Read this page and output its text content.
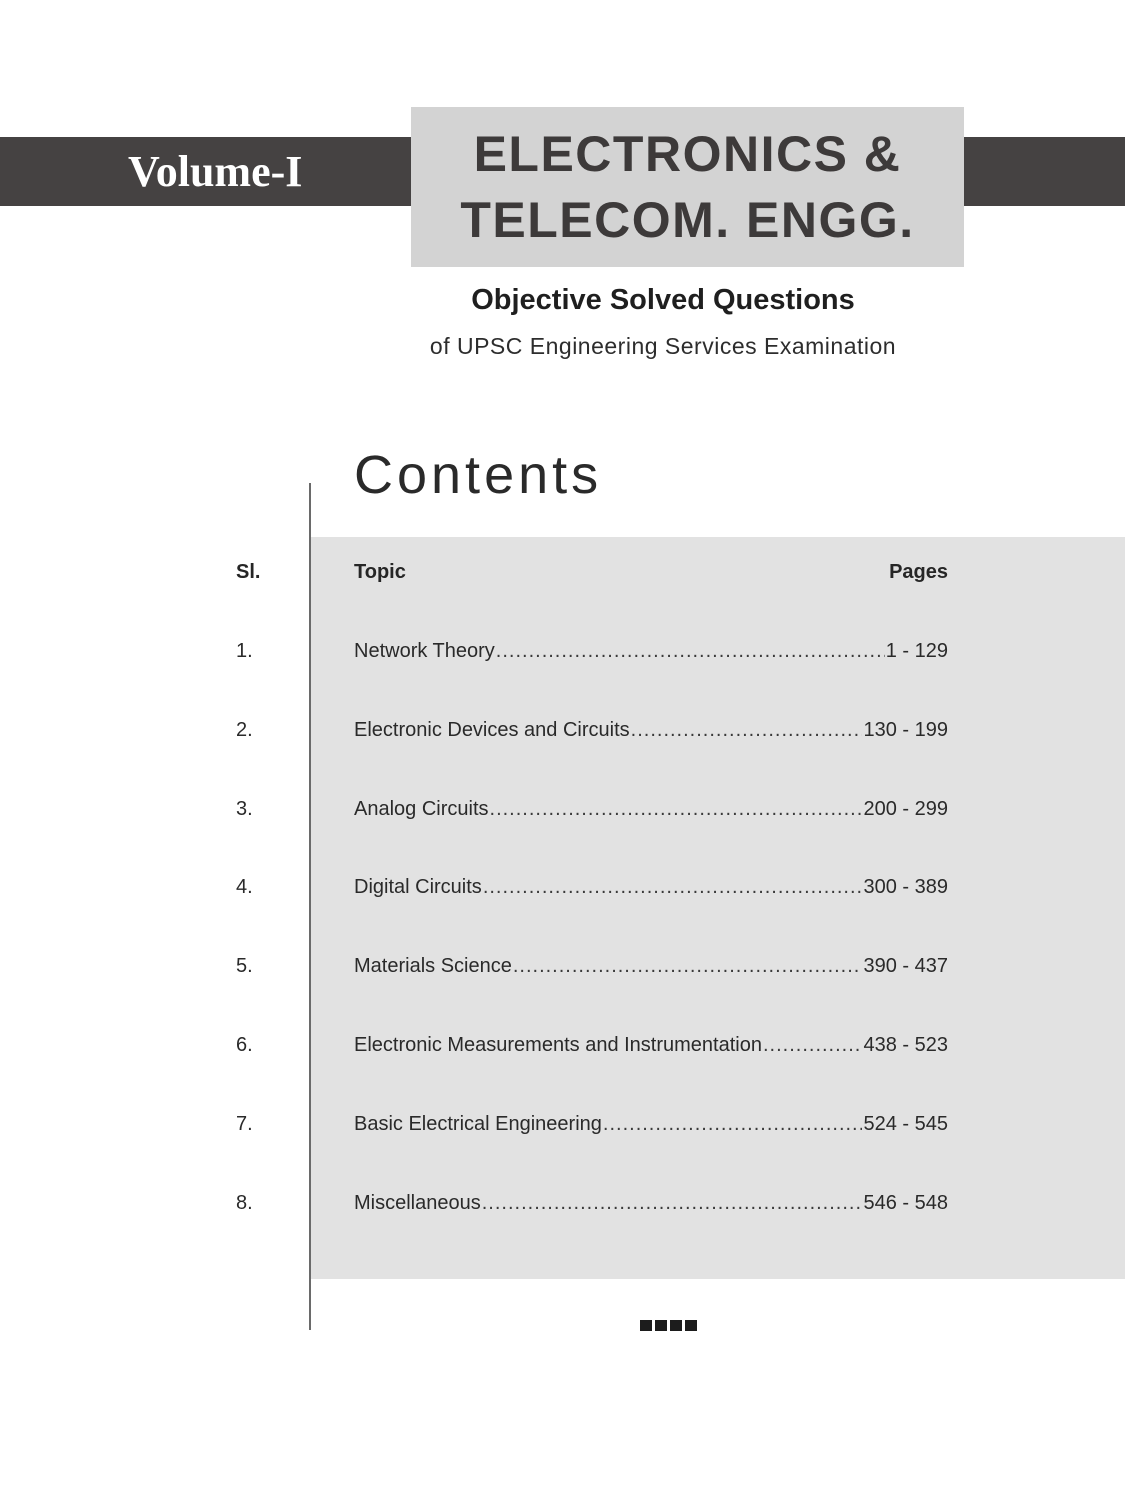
Volume-I	ELECTRONICS &
TELECOM. ENGG.
Objective Solved Questions
of UPSC Engineering Services Examination
Contents
Sl.	Topic	Pages
1.	Network Theory .....	1 - 129
2.	Electronic Devices and Circuits .....	130 - 199
3.	Analog Circuits .....	200 - 299
4.	Digital Circuits .....	300 - 389
5.	Materials Science .....	390 - 437
6.	Electronic Measurements and Instrumentation .....	438 - 523
7.	Basic Electrical Engineering .....	524 - 545
8.	Miscellaneous .....	546 - 548
